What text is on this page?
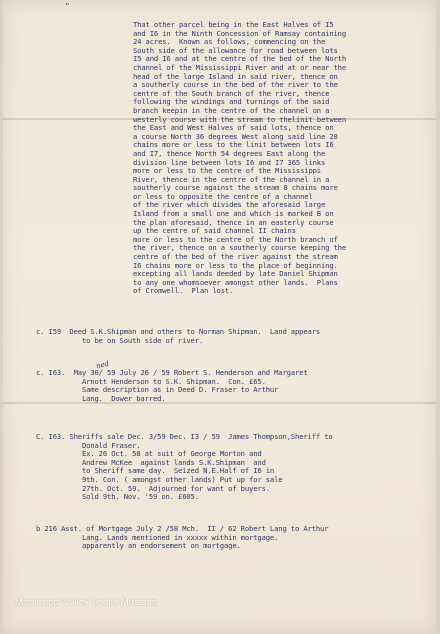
"
That other parcel being in the East Halves of I5
and I6 in the Ninth Concession of Ramsay containing
24 acres.  Known as follows, commencing on the
South side of the allowance for road between lots
I5 and I6 and at the centre of the bed of the North
channel of the Mississippi River and at or near the
head of the large Island in said river, thence on
a southerly course in the bed of the river to the
centre of the South branch of the river, thence
following the windings and turnings of the said
branch keepin in the centre of the channel on a
westerly course with the stream to thelinit between
the East and West Halves of said lots, thence on
a course North 36 degrees West along said line 20
chains more or less to the linit between lots I6
and I7, thence North 54 degrees East along the
division line between lots I6 and I7 365 links
more or less to the centre of the Mississippi
River, thence in the centre of the channel in a
southerly course against the stream 8 chains more
or less to opposite the centre of a channel
of the river which divides the aforesaid large
Island from a small one and which is marked B on
the plan aforesaid, thence in an easterly course
up the centre of said channel II chains
more or less to the centre of the North branch of
the river, thence on a southerly course keeping the
centre of the bed of the river against the stream
I6 chains more or less to the place of beginning.
excepting all lands deeded by late Daniel Shipman
to any one whomsoever amongst other lands.  Plans
of Cromwell.  Plan lost.
c. I59  Deed S.K.Shipman and others to Norman Shipman.  Land appears
to be on South side of river.
ned
c. I63.  May 30/ 59 July 26 / 59 Robert S. Henderson and Margaret
Arnott Henderson to S.K. Shipman.  Con. £65.
Same description as in Deed D. Fraser to Arthur
Lang.  Dower barred.
C. I63. Sheriffs sale Dec. 3/59 Dec. I3 / 59  James Thompson,Sheriff to
Donald Fraser.
Ex. 26 Oct. 58 at suit of George Morton and
Andrew McKee  against lands S.K.Shipman  and
to Sheriff same day.  Seized N.E.Half of I6 in
9th. Con. ( amongst other lands) Put up for sale
27th. Oct. 59.  Adjourned for want of buyers.
Sold 9th. Nov. '59 on. £605.
b 216 Asst. of Mortgage July 2 /58 Mch.  II / 62 Robert Lang to Arthur
Lang. Lands mentioned in xxxxx within mortgage.
apparently an endorsement on mortgage.
Mississippi Valley Textile Museum
